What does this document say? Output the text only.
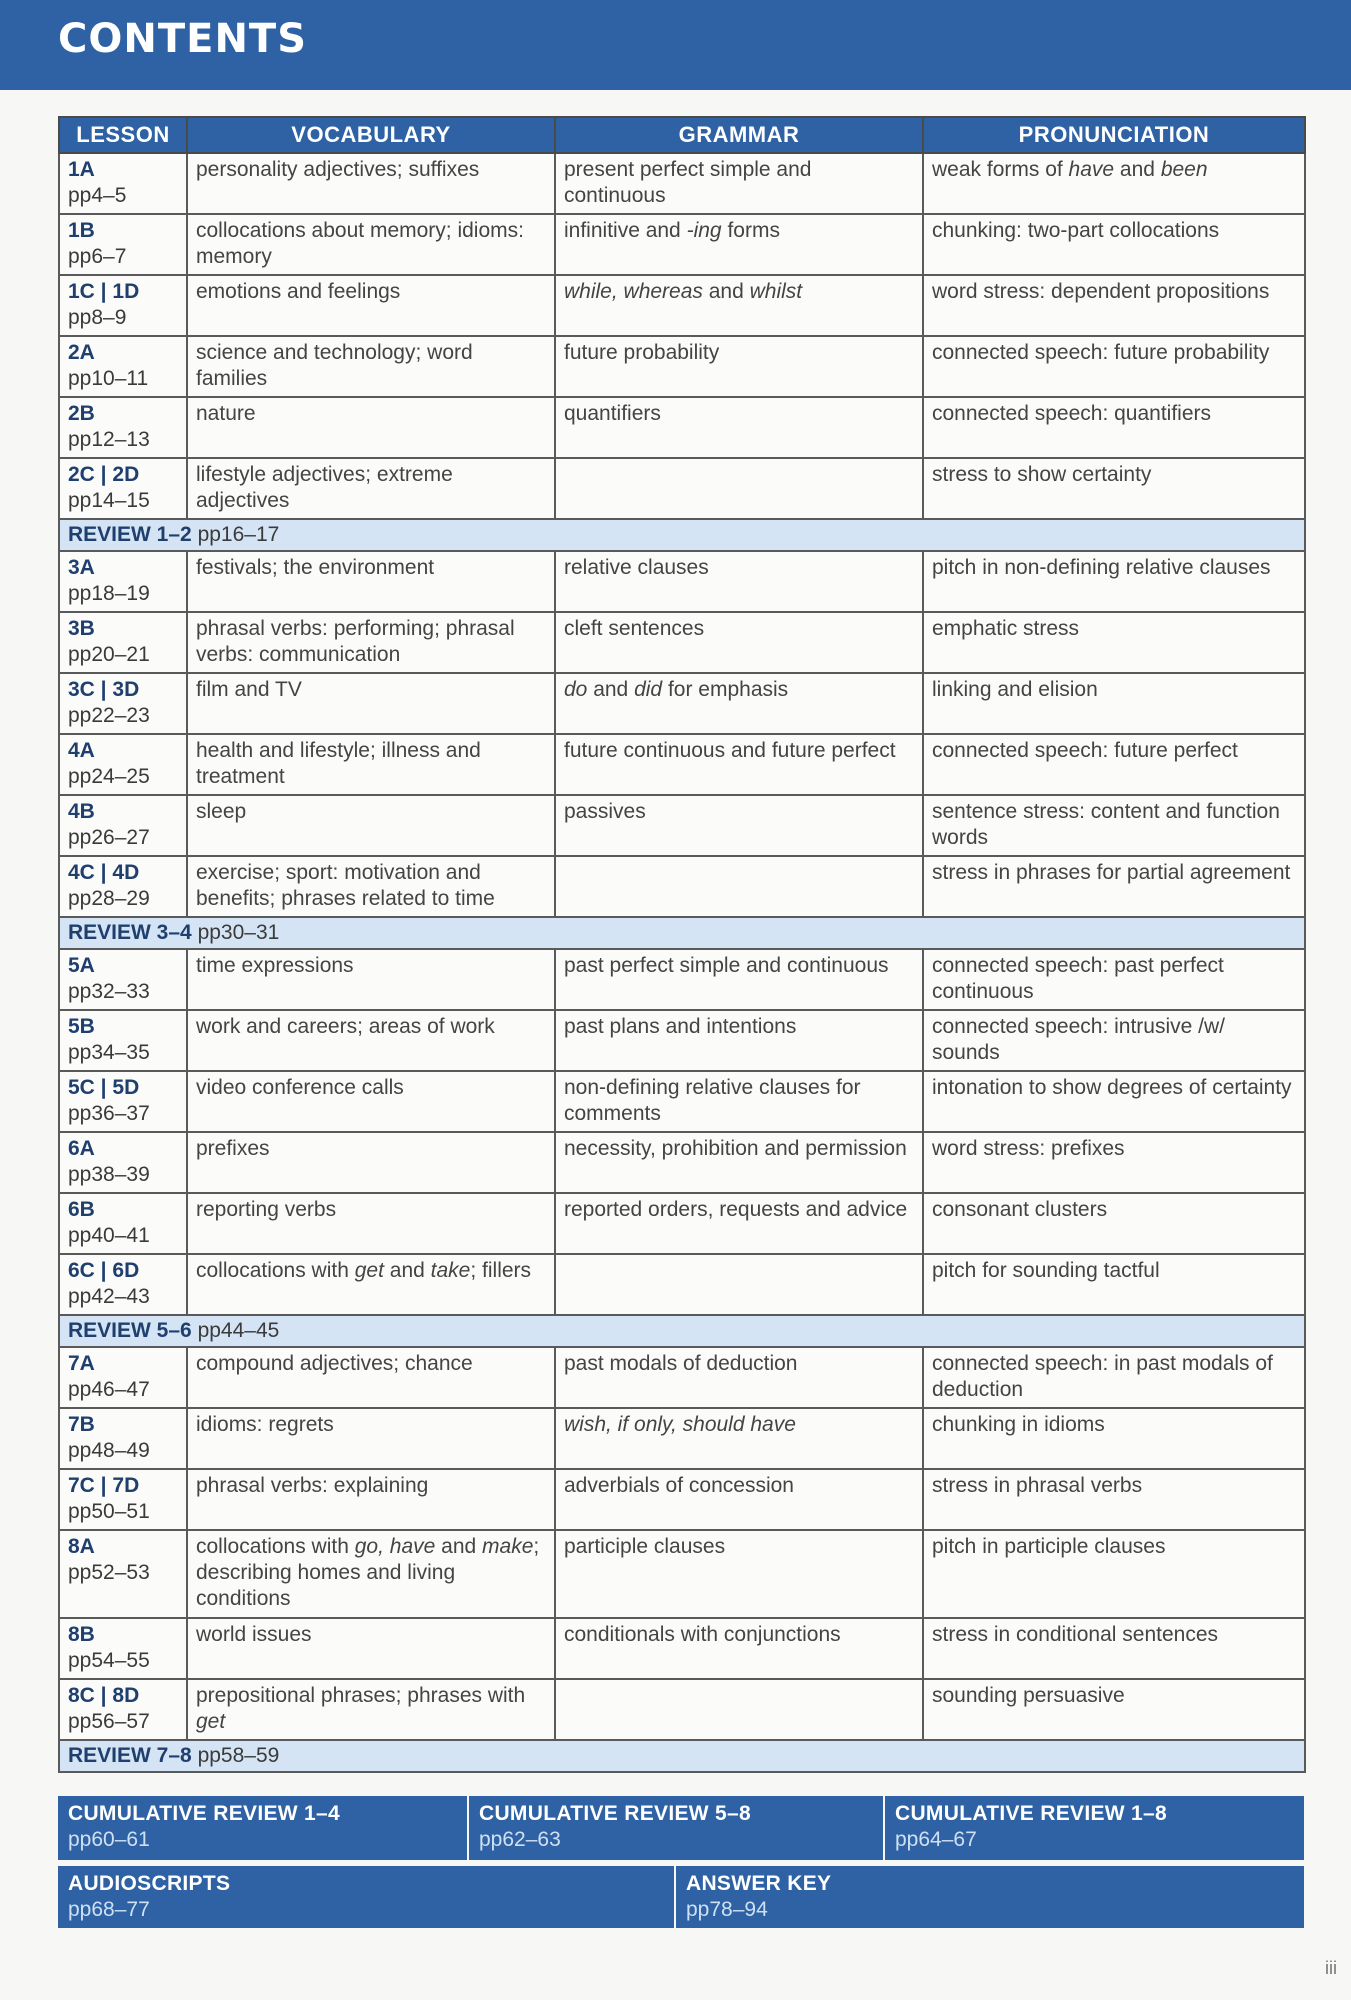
CONTENTS
LESSON	VOCABULARY	GRAMMAR	PRONUNCIATION

1A
pp4–5	personality adjectives; suffixes	present perfect simple and continuous	weak forms of have and been

1B
pp6–7	collocations about memory; idioms: memory	infinitive and -ing forms	chunking: two-part collocations

1C | 1D
pp8–9	emotions and feelings	while, whereas and whilst	word stress: dependent propositions

2A
pp10–11	science and technology; word families	future probability	connected speech: future probability

2B
pp12–13	nature	quantifiers	connected speech: quantifiers

2C | 2D
pp14–15	lifestyle adjectives; extreme adjectives		stress to show certainty
REVIEW 1–2 pp16–17			

3A
pp18–19	festivals; the environment	relative clauses	pitch in non-defining relative clauses

3B
pp20–21	phrasal verbs: performing; phrasal verbs: communication	cleft sentences	emphatic stress

3C | 3D
pp22–23	film and TV	do and did for emphasis	linking and elision

4A
pp24–25	health and lifestyle; illness and treatment	future continuous and future perfect	connected speech: future perfect

4B
pp26–27	sleep	passives	sentence stress: content and function words

4C | 4D
pp28–29	exercise; sport: motivation and benefits; phrases related to time		stress in phrases for partial agreement
REVIEW 3–4 pp30–31			

5A
pp32–33	time expressions	past perfect simple and continuous	connected speech: past perfect continuous

5B
pp34–35	work and careers; areas of work	past plans and intentions	connected speech: intrusive /w/ sounds

5C | 5D
pp36–37	video conference calls	non-defining relative clauses for comments	intonation to show degrees of certainty

6A
pp38–39	prefixes	necessity, prohibition and permission	word stress: prefixes

6B
pp40–41	reporting verbs	reported orders, requests and advice	consonant clusters

6C | 6D
pp42–43	collocations with get and take; fillers		pitch for sounding tactful
REVIEW 5–6 pp44–45			

7A
pp46–47	compound adjectives; chance	past modals of deduction	connected speech: in past modals of deduction

7B
pp48–49	idioms: regrets	wish, if only, should have	chunking in idioms

7C | 7D
pp50–51	phrasal verbs: explaining	adverbials of concession	stress in phrasal verbs

8A
pp52–53	collocations with go, have and make; describing homes and living conditions	participle clauses	pitch in participle clauses

8B
pp54–55	world issues	conditionals with conjunctions	stress in conditional sentences

8C | 8D
pp56–57	prepositional phrases; phrases with get		sounding persuasive
REVIEW 7–8 pp58–59			
CUMULATIVE REVIEW 1–4
pp60–61
CUMULATIVE REVIEW 5–8
pp62–63
CUMULATIVE REVIEW 1–8
pp64–67
AUDIOSCRIPTS
pp68–77
ANSWER KEY
pp78–94
iii
